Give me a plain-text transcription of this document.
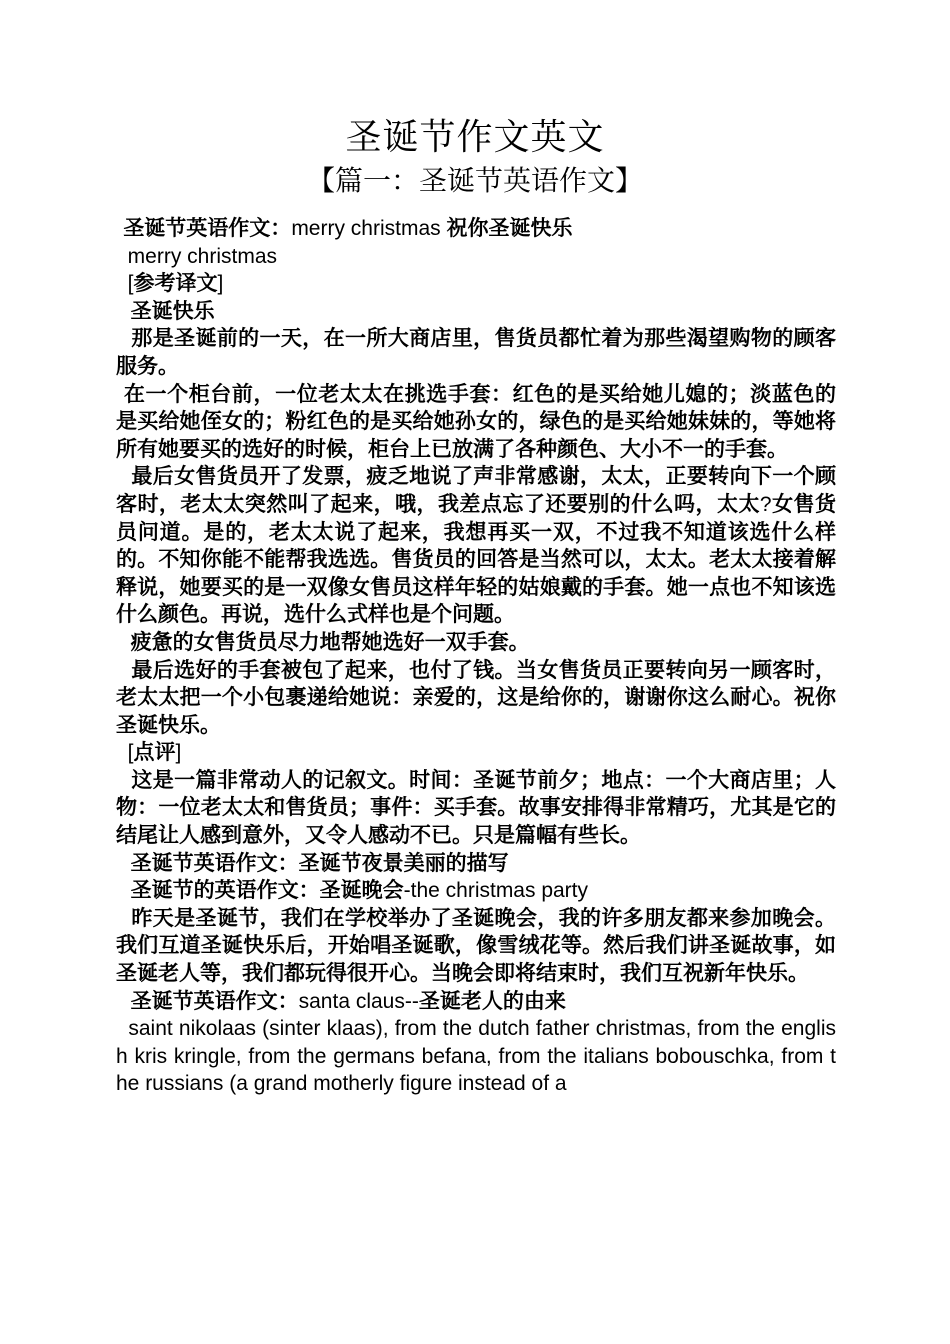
圣诞节作文英文
【篇一：圣诞节英语作文】
圣诞节英语作文：merry christmas 祝你圣诞快乐
merry christmas
[参考译文]
圣诞快乐
那是圣诞前的一天，在一所大商店里，售货员都忙着为那些渴望购物的顾客服务。
在一个柜台前，一位老太太在挑选手套：红色的是买给她儿媳的；淡蓝色的是买给她侄女的；粉红色的是买给她孙女的，绿色的是买给她妹妹的，等她将所有她要买的选好的时候，柜台上已放满了各种颜色、大小不一的手套。
最后女售货员开了发票，疲乏地说了声非常感谢，太太，正要转向下一个顾客时，老太太突然叫了起来，哦，我差点忘了还要别的什么吗，太太?女售货员问道。是的，老太太说了起来，我想再买一双，不过我不知道该选什么样的。不知你能不能帮我选选。售货员的回答是当然可以，太太。老太太接着解释说，她要买的是一双像女售员这样年轻的姑娘戴的手套。她一点也不知该选什么颜色。再说，选什么式样也是个问题。
疲惫的女售货员尽力地帮她选好一双手套。
最后选好的手套被包了起来，也付了钱。当女售货员正要转向另一顾客时，老太太把一个小包裹递给她说：亲爱的，这是给你的，谢谢你这么耐心。祝你圣诞快乐。
[点评]
这是一篇非常动人的记叙文。时间：圣诞节前夕；地点：一个大商店里；人物：一位老太太和售货员；事件：买手套。故事安排得非常精巧，尤其是它的结尾让人感到意外，又令人感动不已。只是篇幅有些长。
圣诞节英语作文：圣诞节夜景美丽的描写
圣诞节的英语作文：圣诞晚会-the christmas party
昨天是圣诞节，我们在学校举办了圣诞晚会，我的许多朋友都来参加晚会。我们互道圣诞快乐后，开始唱圣诞歌，像雪绒花等。然后我们讲圣诞故事，如圣诞老人等，我们都玩得很开心。当晚会即将结束时，我们互祝新年快乐。
圣诞节英语作文：santa claus--圣诞老人的由来
saint nikolaas (sinter klaas), from the dutch father christmas, from the english kris kringle, from the germans befana, from the italians bobouschka, from the russians (a grand motherly figure instead of a
